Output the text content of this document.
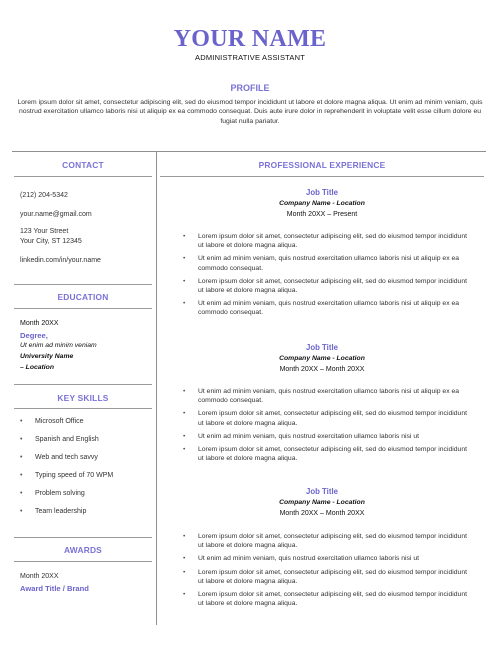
YOUR NAME
ADMINISTRATIVE ASSISTANT
PROFILE
Lorem ipsum dolor sit amet, consectetur adipiscing elit, sed do eiusmod tempor incididunt ut labore et dolore magna aliqua. Ut enim ad minim veniam, quis nostrud exercitation ullamco laboris nisi ut aliquip ex ea commodo consequat. Duis aute irure dolor in reprehenderit in voluptate velit esse cillum dolore eu fugiat nulla pariatur.
CONTACT
(212) 204-5342
your.name@gmail.com
123 Your Street
Your City, ST 12345
linkedin.com/in/your.name
EDUCATION
Month 20XX
Degree,
Ut enim ad minim veniam
University Name
– Location
KEY SKILLS
• Microsoft Office
• Spanish and English
• Web and tech savvy
• Typing speed of 70 WPM
• Problem solving
• Team leadership
AWARDS
Month 20XX
Award Title / Brand
PROFESSIONAL EXPERIENCE
Job Title
Company Name - Location
Month 20XX – Present
• Lorem ipsum dolor sit amet, consectetur adipiscing elit, sed do eiusmod tempor incididunt ut labore et dolore magna aliqua.
• Ut enim ad minim veniam, quis nostrud exercitation ullamco laboris nisi ut aliquip ex ea commodo consequat.
• Lorem ipsum dolor sit amet, consectetur adipiscing elit, sed do eiusmod tempor incididunt ut labore et dolore magna aliqua.
• Ut enim ad minim veniam, quis nostrud exercitation ullamco laboris nisi ut aliquip ex ea commodo consequat.
Job Title
Company Name - Location
Month 20XX – Month 20XX
• Ut enim ad minim veniam, quis nostrud exercitation ullamco laboris nisi ut aliquip ex ea commodo consequat.
• Lorem ipsum dolor sit amet, consectetur adipiscing elit, sed do eiusmod tempor incididunt ut labore et dolore magna aliqua.
• Ut enim ad minim veniam, quis nostrud exercitation ullamco laboris nisi ut
• Lorem ipsum dolor sit amet, consectetur adipiscing elit, sed do eiusmod tempor incididunt ut labore et dolore magna aliqua.
Job Title
Company Name - Location
Month 20XX – Month 20XX
• Lorem ipsum dolor sit amet, consectetur adipiscing elit, sed do eiusmod tempor incididunt ut labore et dolore magna aliqua.
• Ut enim ad minim veniam, quis nostrud exercitation ullamco laboris nisi ut
• Lorem ipsum dolor sit amet, consectetur adipiscing elit, sed do eiusmod tempor incididunt ut labore et dolore magna aliqua.
• Lorem ipsum dolor sit amet, consectetur adipiscing elit, sed do eiusmod tempor incididunt ut labore et dolore magna aliqua.
